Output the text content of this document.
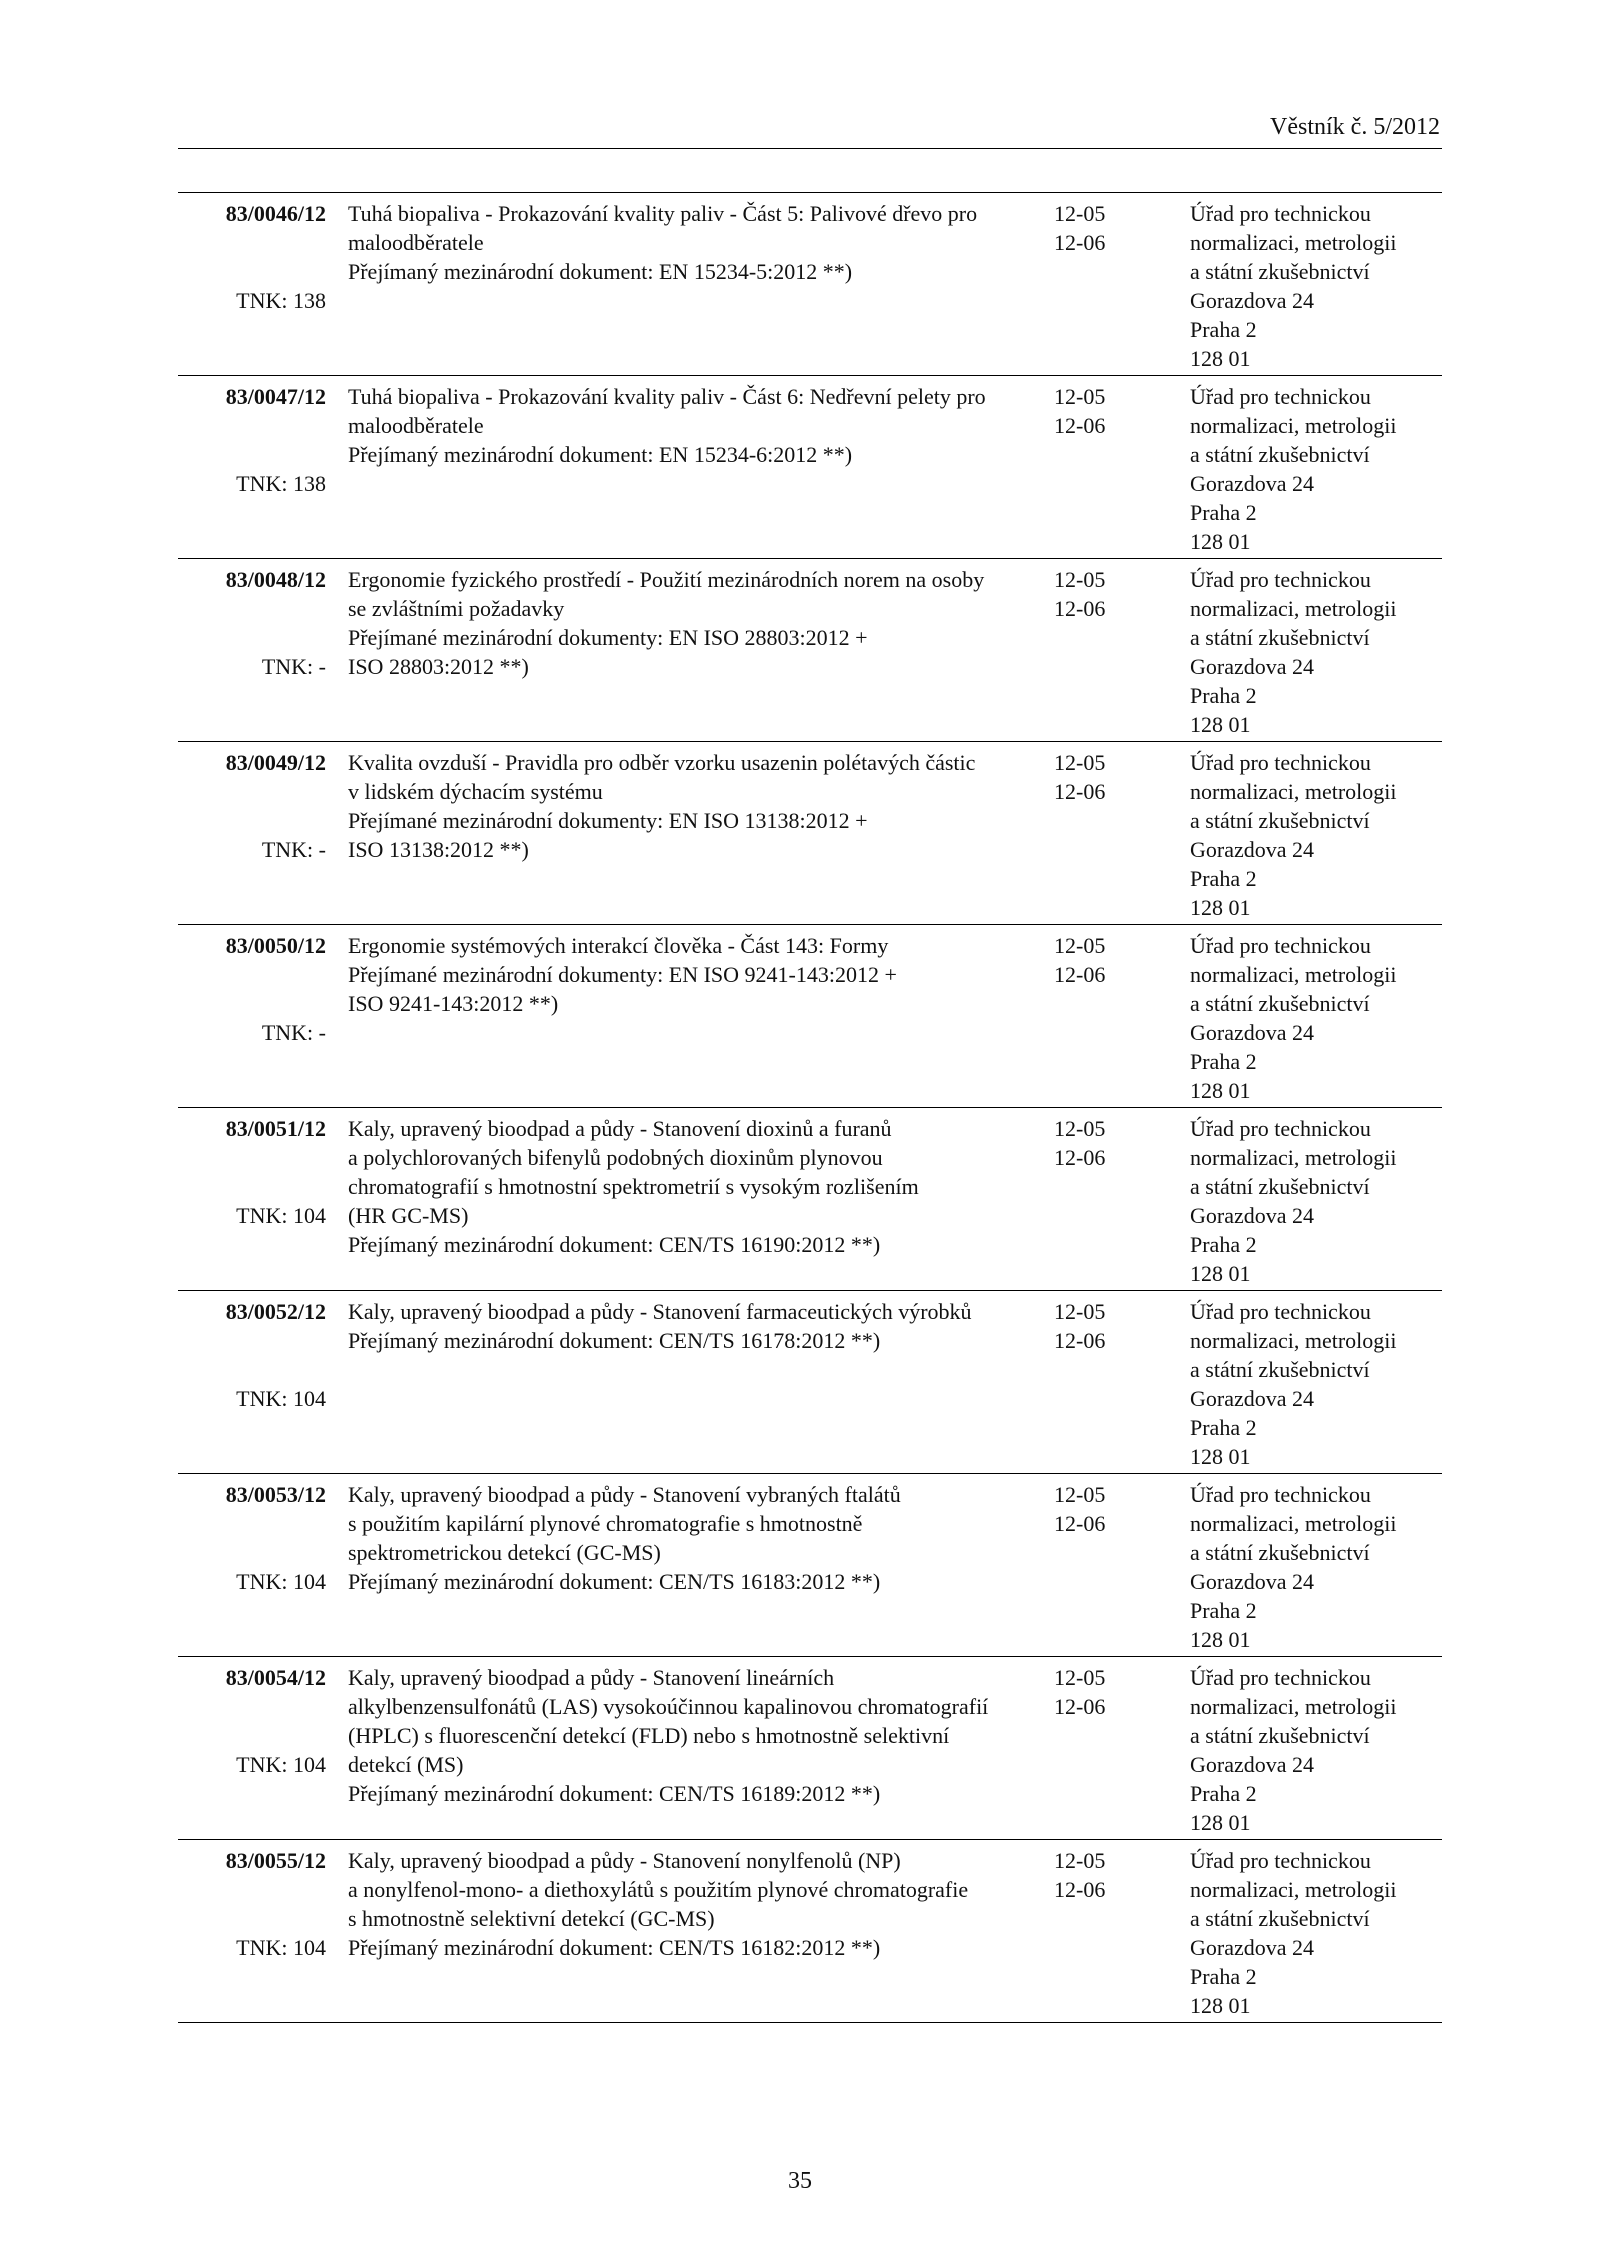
Věstník č. 5/2012
83/0046/12
TNK: 138
Tuhá biopaliva - Prokazování kvality paliv - Část 5: Palivové dřevo pro
maloodběratele
Přejímaný mezinárodní dokument: EN 15234-5:2012 **)
12-05
12-06
Úřad pro technickou
normalizaci, metrologii
a státní zkušebnictví
Gorazdova 24
Praha 2
128 01
83/0047/12
TNK: 138
Tuhá biopaliva - Prokazování kvality paliv - Část 6: Nedřevní pelety pro
maloodběratele
Přejímaný mezinárodní dokument: EN 15234-6:2012 **)
12-05
12-06
Úřad pro technickou
normalizaci, metrologii
a státní zkušebnictví
Gorazdova 24
Praha 2
128 01
83/0048/12
TNK: -
Ergonomie fyzického prostředí - Použití mezinárodních norem na osoby
se zvláštními požadavky
Přejímané mezinárodní dokumenty: EN ISO 28803:2012 +
ISO 28803:2012 **)
12-05
12-06
Úřad pro technickou
normalizaci, metrologii
a státní zkušebnictví
Gorazdova 24
Praha 2
128 01
83/0049/12
TNK: -
Kvalita ovzduší - Pravidla pro odběr vzorku usazenin polétavých částic
v lidském dýchacím systému
Přejímané mezinárodní dokumenty: EN ISO 13138:2012 +
ISO 13138:2012 **)
12-05
12-06
Úřad pro technickou
normalizaci, metrologii
a státní zkušebnictví
Gorazdova 24
Praha 2
128 01
83/0050/12
TNK: -
Ergonomie systémových interakcí člověka - Část 143: Formy
Přejímané mezinárodní dokumenty: EN ISO 9241-143:2012 +
ISO 9241-143:2012 **)
12-05
12-06
Úřad pro technickou
normalizaci, metrologii
a státní zkušebnictví
Gorazdova 24
Praha 2
128 01
83/0051/12
TNK: 104
Kaly, upravený bioodpad a půdy - Stanovení dioxinů a furanů
a polychlorovaných bifenylů podobných dioxinům plynovou
chromatografií s hmotnostní spektrometrií s vysokým rozlišením
(HR GC-MS)
Přejímaný mezinárodní dokument: CEN/TS 16190:2012 **)
12-05
12-06
Úřad pro technickou
normalizaci, metrologii
a státní zkušebnictví
Gorazdova 24
Praha 2
128 01
83/0052/12
TNK: 104
Kaly, upravený bioodpad a půdy - Stanovení farmaceutických výrobků
Přejímaný mezinárodní dokument: CEN/TS 16178:2012 **)
12-05
12-06
Úřad pro technickou
normalizaci, metrologii
a státní zkušebnictví
Gorazdova 24
Praha 2
128 01
83/0053/12
TNK: 104
Kaly, upravený bioodpad a půdy - Stanovení vybraných ftalátů
s použitím kapilární plynové chromatografie s hmotnostně
spektrometrickou detekcí (GC-MS)
Přejímaný mezinárodní dokument: CEN/TS 16183:2012 **)
12-05
12-06
Úřad pro technickou
normalizaci, metrologii
a státní zkušebnictví
Gorazdova 24
Praha 2
128 01
83/0054/12
TNK: 104
Kaly, upravený bioodpad a půdy - Stanovení lineárních
alkylbenzensulfonátů (LAS) vysokoúčinnou kapalinovou chromatografií
(HPLC) s fluorescenční detekcí (FLD) nebo s hmotnostně selektivní
detekcí (MS)
Přejímaný mezinárodní dokument: CEN/TS 16189:2012 **)
12-05
12-06
Úřad pro technickou
normalizaci, metrologii
a státní zkušebnictví
Gorazdova 24
Praha 2
128 01
83/0055/12
TNK: 104
Kaly, upravený bioodpad a půdy - Stanovení nonylfenolů (NP)
a nonylfenol-mono- a diethoxylátů s použitím plynové chromatografie
s hmotnostně selektivní detekcí (GC-MS)
Přejímaný mezinárodní dokument: CEN/TS 16182:2012 **)
12-05
12-06
Úřad pro technickou
normalizaci, metrologii
a státní zkušebnictví
Gorazdova 24
Praha 2
128 01
35
